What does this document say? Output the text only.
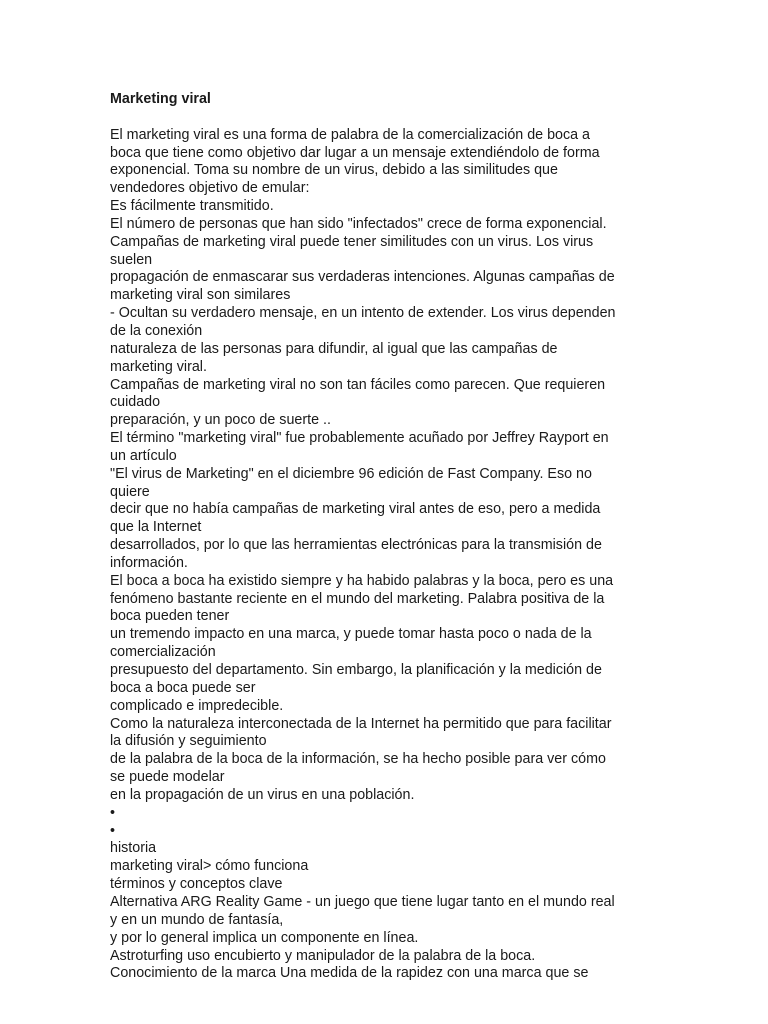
Marketing viral
El marketing viral es una forma de palabra de la comercialización de boca a
boca que tiene como objetivo dar lugar a un mensaje extendiéndolo de forma
exponencial. Toma su nombre de un virus, debido a las similitudes que
vendedores objetivo de emular:
Es fácilmente transmitido.
El número de personas que han sido "infectados" crece de forma exponencial.
Campañas de marketing viral puede tener similitudes con un virus. Los virus
suelen
propagación de enmascarar sus verdaderas intenciones. Algunas campañas de
marketing viral son similares
- Ocultan su verdadero mensaje, en un intento de extender. Los virus dependen
de la conexión
naturaleza de las personas para difundir, al igual que las campañas de
marketing viral.
Campañas de marketing viral no son tan fáciles como parecen. Que requieren
cuidado
preparación, y un poco de suerte ..
El término "marketing viral" fue probablemente acuñado por Jeffrey Rayport en
un artículo
"El virus de Marketing" en el diciembre 96 edición de Fast Company. Eso no
quiere
decir que no había campañas de marketing viral antes de eso, pero a medida
que la Internet
desarrollados, por lo que las herramientas electrónicas para la transmisión de
información.
El boca a boca ha existido siempre y ha habido palabras y la boca, pero es una
fenómeno bastante reciente en el mundo del marketing. Palabra positiva de la
boca pueden tener
un tremendo impacto en una marca, y puede tomar hasta poco o nada de la
comercialización
presupuesto del departamento. Sin embargo, la planificación y la medición de
boca a boca puede ser
complicado e impredecible.
Como la naturaleza interconectada de la Internet ha permitido que para facilitar
la difusión y seguimiento
de la palabra de la boca de la información, se ha hecho posible para ver cómo
se puede modelar
en la propagación de un virus en una población.
•
•
historia
marketing viral> cómo funciona
términos y conceptos clave
Alternativa ARG Reality Game - un juego que tiene lugar tanto en el mundo real
y en un mundo de fantasía,
y por lo general implica un componente en línea.
Astroturfing uso encubierto y manipulador de la palabra de la boca.
Conocimiento de la marca Una medida de la rapidez con una marca que se
